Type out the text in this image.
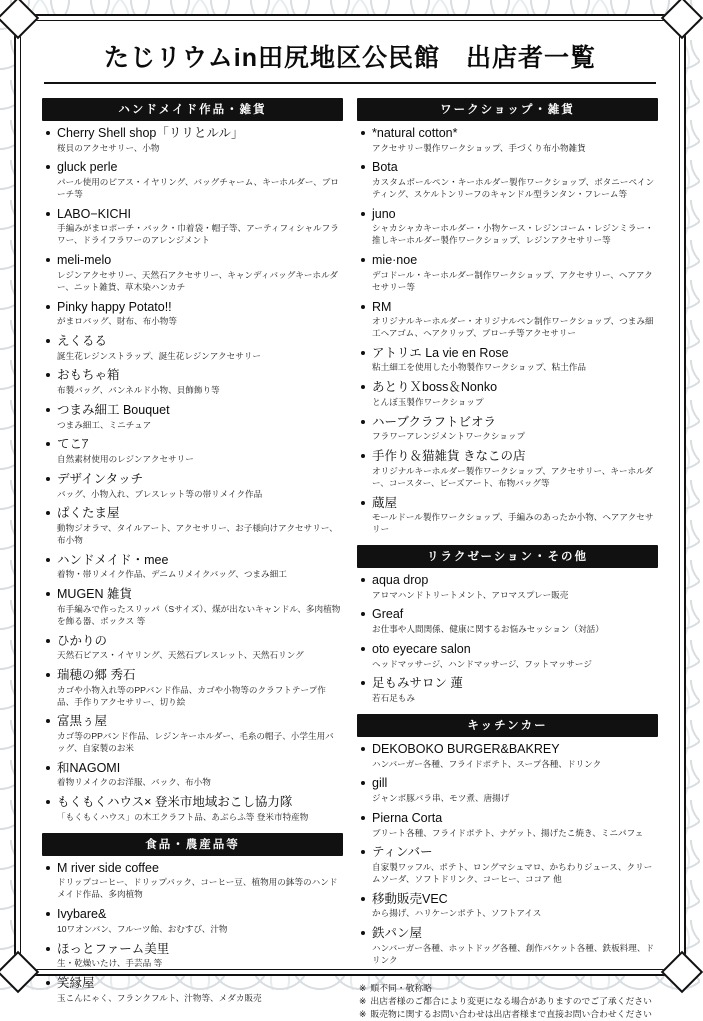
たじリウムin田尻地区公民館　出店者一覧
ハンドメイド作品・雑貨
Cherry Shell shop「リリとルル」
桜貝のアクセサリー、小物
gluck perle
パール使用のピアス・イヤリング、バッグチャーム、キーホルダー、ブローチ等
LABO−KICHI
手編みがまロポーチ・バック・巾着袋・帽子等、アーティフィシャルフラワー、ドライフラワーのアレンジメント
meli-melo
レジンアクセサリー、天然石アクセサリー、キャンディバッグキーホルダー、ニット雑貨、草木染ハンカチ
Pinky happy Potato!!
がまロバッグ、財布、布小物等
えくるる
誕生花レジンストラップ、誕生花レジンアクセサリー
おもちゃ箱
布製バッグ、バンネルド小物、貝飾飾り等
つまみ細工 Bouquet
つまみ細工、ミニチュア
てこｱ
自然素材使用のレジンアクセサリー
デザインタッチ
バッグ、小物入れ、ブレスレット等の帯リメイク作品
ぱくたま屋
動物ジオラマ、タイルアート、アクセサリー、お子様向けアクセサリー、布小物
ハンドメイド・mee
着物・帯リメイク作品、デニムリメイクバッグ、つまみ細工
MUGEN 雑貨
布手編みで作ったスリッパ（Sサイズ）、煤が出ないキャンドル、多肉植物を飾る器、ボックス 等
ひかりの
天然石ピアス・イヤリング、天然石ブレスレット、天然石リング
瑞穂の郷 秀石
カゴや小物入れ等のPPバンド作品、カゴや小物等のクラフトテープ作品、手作りアクセサリー、切り絵
富黒ぅ屋
カゴ等のPPバンド作品、レジンキーホルダー、毛糸の帽子、小学生用バッグ、自家製のお米
和NAGOMI
着物リメイクのお洋服、バック、布小物
もくもくハウス× 登米市地域おこし協力隊
「もくもくハウス」の木工クラフト品、あぶらふ等 登米市特産物
食品・農産品等
M river side coffee
ドリップコーヒー、ドリップバック、コーヒー豆、植物用の鉢等のハンドメイド作品、多肉植物
Ivybare&
10ワオンバン、フルーツ飴、おむすび、汁物
ほっとファーム美里
生・乾燥いたけ、手芸品 等
笑縁屋
玉こんにゃく、フランクフルト、汁物等、メダカ販売
ワークショップ・雑貨
*natural cotton*
アクセサリー製作ワークショップ、手づくり布小物雑貨
Bota
カスタムボールペン・キーホルダー製作ワークショップ、ボタニーペインティング、スケルトンリーフのキャンドル型ランタン・フレーム等
juno
シャカシャカキーホルダー・小物ケース・レジンコーム・レジンミラー・推しキーホルダー製作ワークショップ、レジンアクセサリー等
mie·noe
デコドール・キーホルダー制作ワークショップ、アクセサリー、ヘアアクセサリー等
RM
オリジナルキーホルダー・オリジナルペン制作ワークショップ、つまみ細工ヘアゴム、ヘアクリップ、ブローチ等アクセサリー
アトリエ La vie en Rose
粘土細工を使用した小物製作ワークショップ、粘土作品
あとりＸboss＆Nonko
とんぼ玉製作ワークショップ
ハーブクラフトビオラ
フラワーアレンジメントワークショップ
手作り＆猫雑貨 きなこの店
オリジナルキーホルダー製作ワークショップ、アクセサリー、キーホルダー、コースター、ビーズアート、布物バッグ等
蔵屋
モールドール製作ワークショップ、手編みのあったか小物、ヘアアクセサリー
リラクゼーション・その他
aqua drop
アロマハンドトリートメント、アロマスプレー販売
Greaf
お仕事や人間関係、健康に関するお悩みセッション（対話）
oto eyecare salon
ヘッドマッサージ、ハンドマッサージ、フットマッサージ
足もみサロン 蓮
若石足もみ
キッチンカー
DEKOBOKO BURGER&BAKREY
ハンバーガー各種、フライドポテト、スープ各種、ドリンク
gill
ジャンボ豚バラ串、モツ煮、唐揚げ
Pierna Corta
ブリート各種、フライドポテト、ナゲット、揚げたこ焼き、ミニパフェ
ティンバー
自家製ワッフル、ポテト、ロングマシュマロ、かちわりジュース、クリームソーダ、ソフトドリンク、コーヒー、ココア 他
移動販売VEC
から揚げ、ハリケーンポテト、ソフトアイス
鉄パン屋
ハンバーガー各種、ホットドッグ各種、創作バケット各種、鉄板料理、ドリンク
※ 順不同・敬称略
※ 出店者様のご都合により変更になる場合がありますのでご了承ください
※ 販売物に関するお問い合わせは出店者様まで直接お問い合わせください
